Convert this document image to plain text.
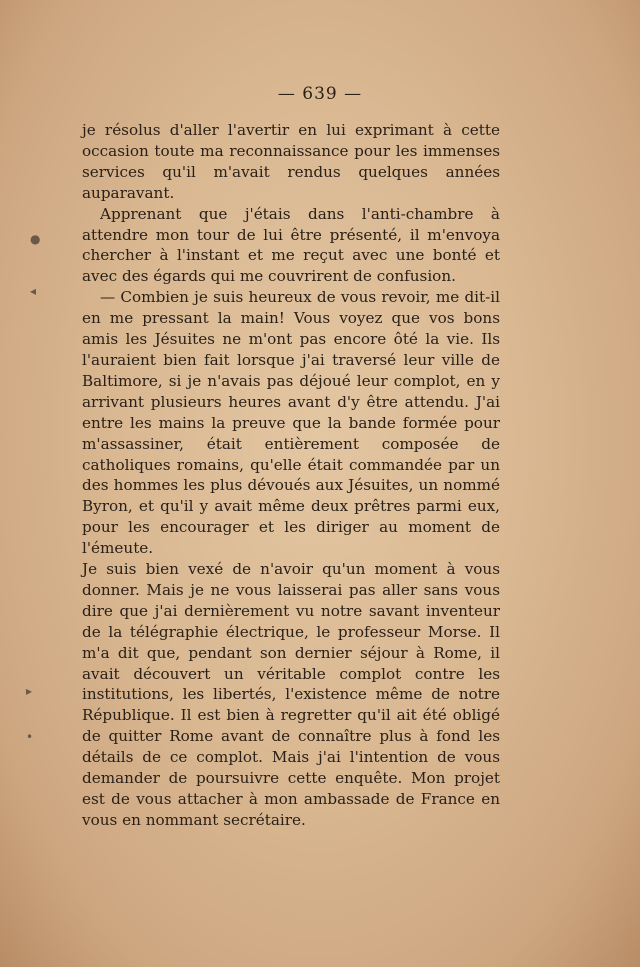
— 639 —

je résolus d'aller l'avertir en lui exprimant à cette occasion toute ma reconnaissance pour les immenses services qu'il m'avait rendus quelques années auparavant.

Apprenant que j'étais dans l'anti-chambre à attendre mon tour de lui être présenté, il m'envoya chercher à l'instant et me reçut avec une bonté et avec des égards qui me couvrirent de confusion.

— Combien je suis heureux de vous revoir, me dit-il en me pressant la main! Vous voyez que vos bons amis les Jésuites ne m'ont pas encore ôté la vie. Ils l'auraient bien fait lorsque j'ai traversé leur ville de Baltimore, si je n'avais pas déjoué leur complot, en y arrivant plusieurs heures avant d'y être attendu. J'ai entre les mains la preuve que la bande formée pour m'assassiner, était entièrement composée de catholiques romains, qu'elle était commandée par un des hommes les plus dévoués aux Jésuites, un nommé Byron, et qu'il y avait même deux prêtres parmi eux, pour les encourager et les diriger au moment de l'émeute.

Je suis bien vexé de n'avoir qu'un moment à vous donner. Mais je ne vous laisserai pas aller sans vous dire que j'ai dernièrement vu notre savant inventeur de la télégraphie électrique, le professeur Morse. Il m'a dit que, pendant son dernier séjour à Rome, il avait découvert un véritable complot contre les institutions, les libertés, l'existence même de notre République. Il est bien à regretter qu'il ait été obligé de quitter Rome avant de connaître plus à fond les détails de ce complot. Mais j'ai l'intention de vous demander de poursuivre cette enquête. Mon projet est de vous attacher à mon ambassade de France en vous en nommant secrétaire.

●
◂
▸
•
